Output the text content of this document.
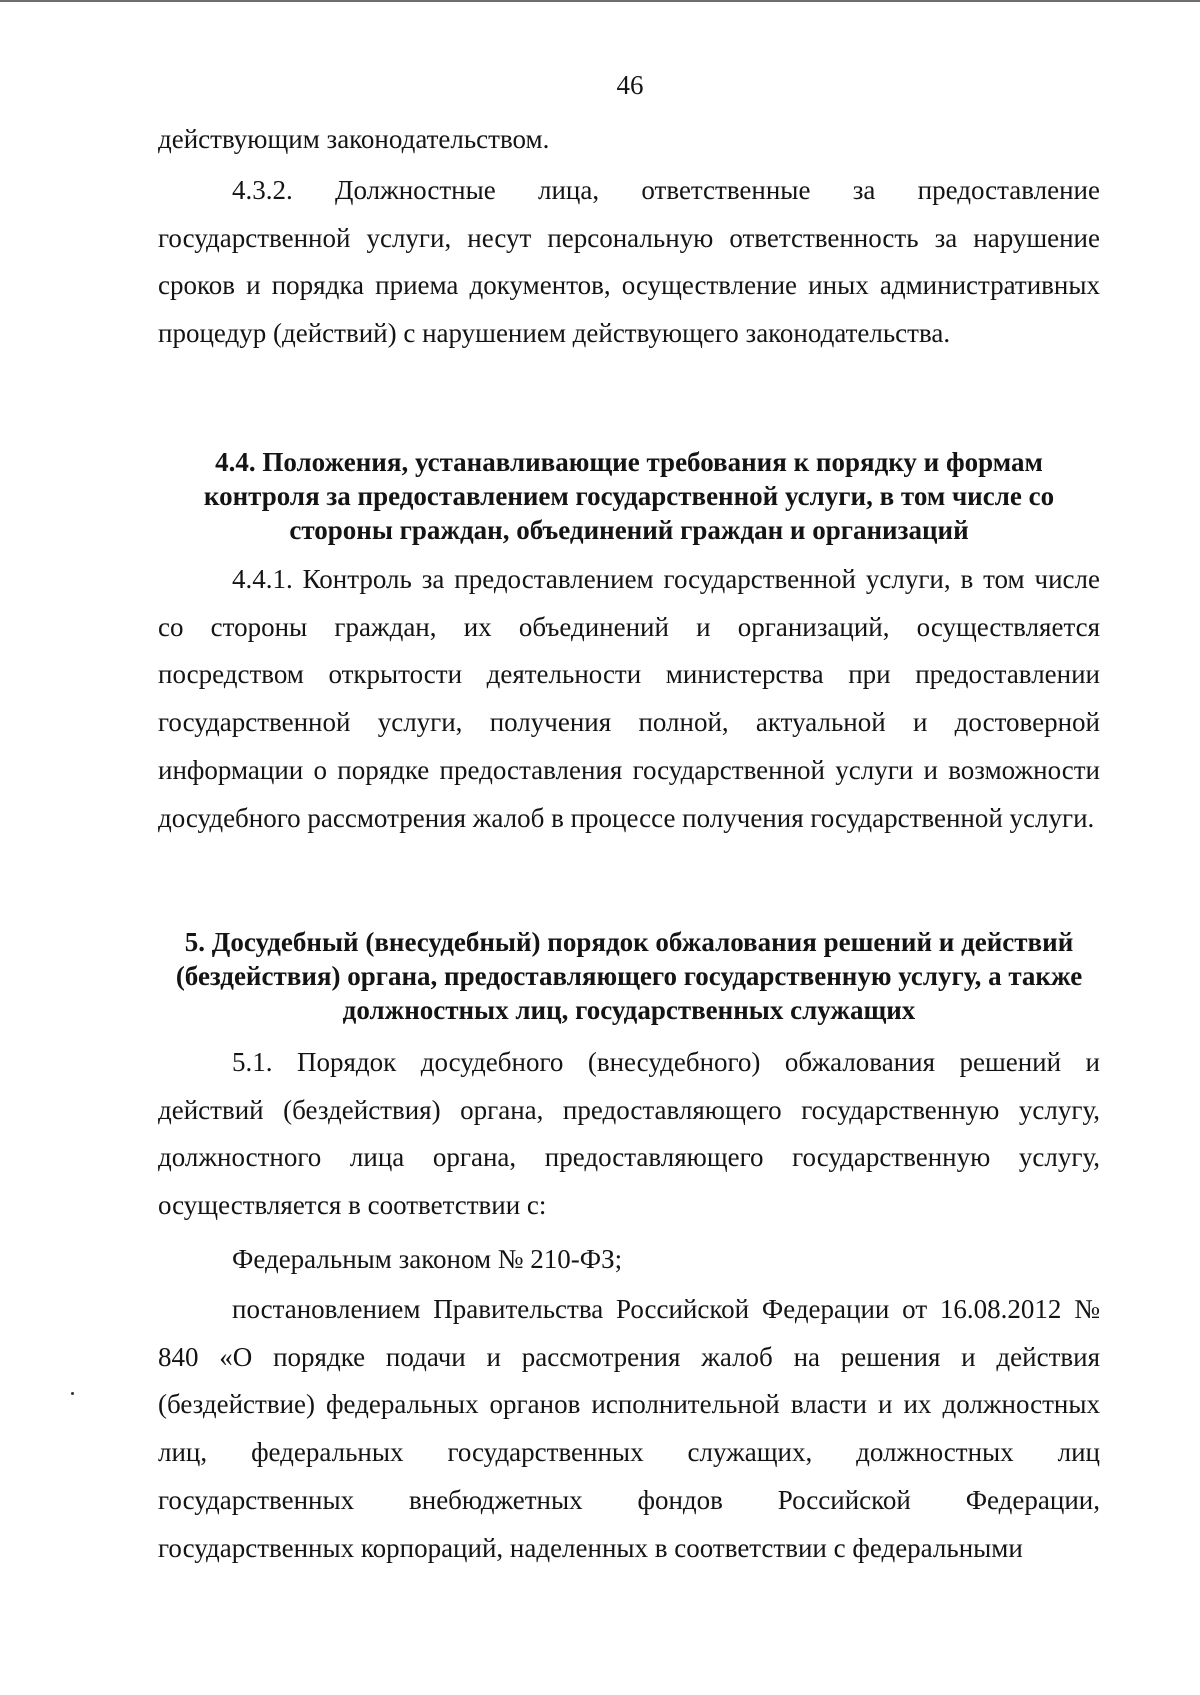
46

действующим законодательством.

4.3.2. Должностные лица, ответственные за предоставление государственной услуги, несут персональную ответственность за нарушение сроков и порядка приема документов, осуществление иных административных процедур (действий) с нарушением действующего законодательства.

4.4. Положения, устанавливающие требования к порядку и формам контроля за предоставлением государственной услуги, в том числе со стороны граждан, объединений граждан и организаций

4.4.1. Контроль за предоставлением государственной услуги, в том числе со стороны граждан, их объединений и организаций, осуществляется посредством открытости деятельности министерства при предоставлении государственной услуги, получения полной, актуальной и достоверной информации о порядке предоставления государственной услуги и возможности досудебного рассмотрения жалоб в процессе получения государственной услуги.

5. Досудебный (внесудебный) порядок обжалования решений и действий (бездействия) органа, предоставляющего государственную услугу, а также должностных лиц, государственных служащих

5.1. Порядок досудебного (внесудебного) обжалования решений и действий (бездействия) органа, предоставляющего государственную услугу, должностного лица органа, предоставляющего государственную услугу, осуществляется в соответствии с:

Федеральным законом № 210-ФЗ;

постановлением Правительства Российской Федерации от 16.08.2012 № 840 «О порядке подачи и рассмотрения жалоб на решения и действия (бездействие) федеральных органов исполнительной власти и их должностных лиц, федеральных государственных служащих, должностных лиц государственных внебюджетных фондов Российской Федерации, государственных корпораций, наделенных в соответствии с федеральными
